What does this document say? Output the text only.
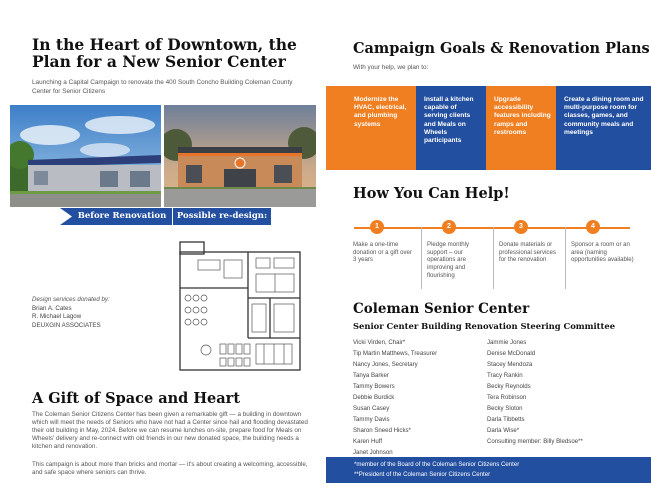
In the Heart of Downtown, the Plan for a New Senior Center

Launching a Capital Campaign to renovate the 400 South Concho Building Coleman County Center for Senior Citizens

Before Renovation	Possible re-design:
Design services donated by:
Brian A. Cates
R. Michael Lagow
DEUXGIN ASSOCIATES
A Gift of Space and Heart

The Coleman Senior Citizens Center has been given a remarkable gift — a building in downtown which will meet the needs of Seniors who have not had a Center since hail and flooding devastated their old building in May, 2024. Before we can resume lunches on-site, prepare food for Meals on Wheels' delivery and re-connect with old friends in our new donated space, the building needs a kitchen and renovation.

This campaign is about more than bricks and mortar — it's about creating a welcoming, accessible, and safe space where seniors can thrive.

Campaign Goals & Renovation Plans

With your help, we plan to:

Modernize the HVAC, electrical, and plumbing systems
Install a kitchen capable of serving clients and Meals on Wheels participants
Upgrade accessibility features including ramps and restrooms
Create a dining room and multi-purpose room for classes, games, and community meals and meetings
How You Can Help!
1
Make a one-time donation or a gift over 3 years
2
Pledge monthly support – our operations are improving and flourishing
3
Donate materials or professional services for the renovation
4
Sponsor a room or an area (naming opportunities available)
Coleman Senior Center
Senior Center Building Renovation Steering Committee
Vicki Virden, Chair*
Tip Martin Matthews, Treasurer
Nancy Jones, Secretary
Tanya Barker
Tammy Bowers
Debbie Burdick
Susan Casey
Tammy Davis
Sharon Sneed Hicks*
Karen Huff
Janet Johnson
Jammie Jones
Denise McDonald
Stacey Mendoza
Tracy Rankin
Becky Reynolds
Tera Robinson
Becky Sloton
Darla Tibbetts
Darla Wise*
Consulting member: Billy Bledsoe**
*member of the Board of the Coleman Senior Citizens Center
**President of the Coleman Senior Citizens Center
